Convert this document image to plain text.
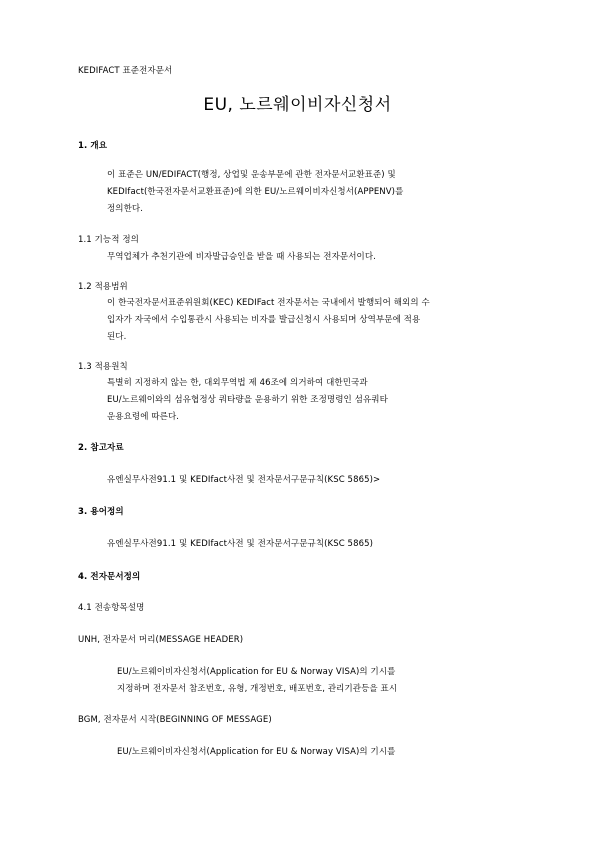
KEDIFACT 표준전자문서
EU, 노르웨이비자신청서
1. 개요
이 표준은 UN/EDIFACT(행정, 상업및 운송부문에 관한 전자문서교환표준) 및
KEDIfact(한국전자문서교환표준)에 의한 EU/노르웨이비자신청서(APPENV)를
정의한다.
1.1 기능적 정의
무역업체가 추천기관에 비자발급승인을 받을 때 사용되는 전자문서이다.
1.2 적용범위
이 한국전자문서표준위원회(KEC) KEDIFact 전자문서는 국내에서 발행되어 해외의 수
입자가 자국에서 수입통관시 사용되는 비자를 발급신청시 사용되며 상역부문에 적용
된다.
1.3 적용원칙
특별히 지정하지 않는 한, 대외무역법 제 46조에 의거하여 대한민국과
EU/노르웨이와의 섬유협정상 쿼타량을 운용하기 위한 조정명령인 섬유쿼타
운용요령에 따른다.
2. 참고자료
유엔실무사전91.1 및 KEDIfact사전 및 전자문서구문규칙(KSC 5865)>
3. 용어정의
유엔실무사전91.1 및 KEDIfact사전 및 전자문서구문규칙(KSC 5865)
4. 전자문서정의
4.1 전송항목설명
UNH, 전자문서 머리(MESSAGE HEADER)
EU/노르웨이비자신청서(Application for EU & Norway VISA)의 기시를
지정하며 전자문서 참조번호, 유형, 개정번호, 배포번호, 관리기관등을 표시
BGM, 전자문서 시작(BEGINNING OF MESSAGE)
EU/노르웨이비자신청서(Application for EU & Norway VISA)의 기시를
